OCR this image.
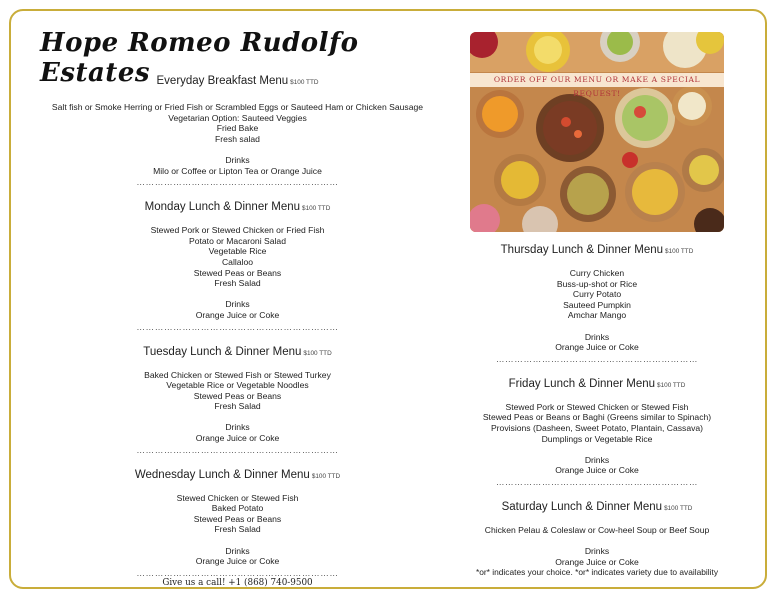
Hope Romeo Rudolfo Estates Everyday Breakfast Menu $100 TTD
Salt fish or Smoke Herring or Fried Fish or Scrambled Eggs or Sauteed Ham or Chicken Sausage
Vegetarian Option: Sauteed Veggies
Fried Bake
Fresh salad
Drinks
Milo or Coffee or Lipton Tea or Orange Juice
…………………………………………………………
Monday Lunch & Dinner Menu $100 TTD
Stewed Pork or Stewed Chicken or Fried Fish
Potato or Macaroni Salad
Vegetable Rice
Callaloo
Stewed Peas or Beans
Fresh Salad
Drinks
Orange Juice or Coke
…………………………………………………………
Tuesday Lunch & Dinner Menu $100 TTD
Baked Chicken or Stewed Fish or Stewed Turkey
Vegetable Rice or Vegetable Noodles
Stewed Peas or Beans
Fresh Salad
Drinks
Orange Juice or Coke
…………………………………………………………
Wednesday Lunch & Dinner Menu $100 TTD
Stewed Chicken or Stewed Fish
Baked Potato
Stewed Peas or Beans
Fresh Salad
Drinks
Orange Juice or Coke
…………………………………………………………
Give us a call! +1 (868) 740-9500
ORDER OFF OUR MENU OR MAKE A SPECIAL REQUEST!
Thursday Lunch & Dinner Menu $100 TTD
Curry Chicken
Buss-up-shot or Rice
Curry Potato
Sauteed Pumpkin
Amchar Mango
Drinks
Orange Juice or Coke
…………………………………………………………
Friday Lunch & Dinner Menu $100 TTD
Stewed Pork or Stewed Chicken or Stewed Fish
Stewed Peas or Beans or Baghi (Greens similar to Spinach)
Provisions (Dasheen, Sweet Potato, Plantain, Cassava)
Dumplings or Vegetable Rice
Drinks
Orange Juice or Coke
…………………………………………………………
Saturday Lunch & Dinner Menu $100 TTD
Chicken Pelau & Coleslaw or Cow-heel Soup or Beef Soup
Drinks
Orange Juice or Coke
*or* indicates your choice. *or* indicates variety due to availability
